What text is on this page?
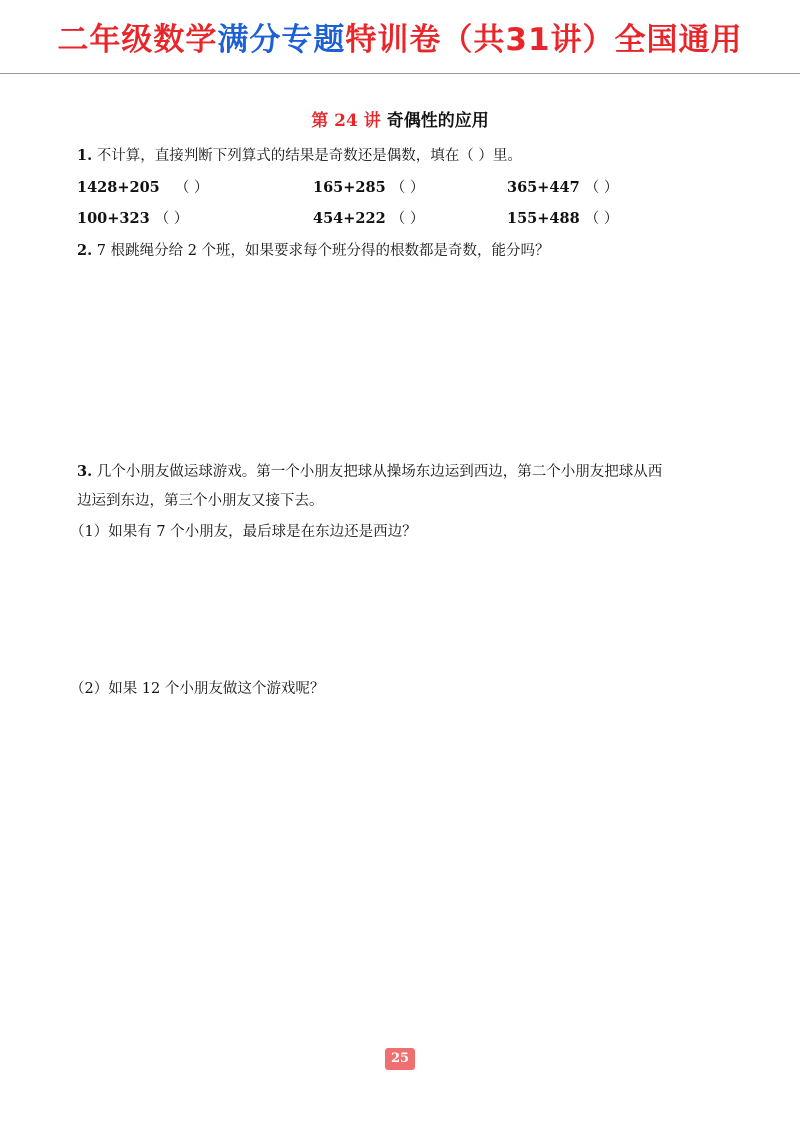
二年级数学满分专题特训卷（共31讲）全国通用
第 24 讲 奇偶性的应用
1. 不计算，直接判断下列算式的结果是奇数还是偶数，填在（ ）里。
1428+205 （ ）	165+285 （ ）	365+447 （ ）
100+323 （ ）	454+222 （ ）	155+488 （ ）
2. 7 根跳绳分给 2 个班，如果要求每个班分得的根数都是奇数，能分吗？
3. 几个小朋友做运球游戏。第一个小朋友把球从操场东边运到西边，第二个小朋友把球从西
边运到东边，第三个小朋友又接下去。
（1）如果有 7 个小朋友，最后球是在东边还是西边？
（2）如果 12 个小朋友做这个游戏呢？
25
